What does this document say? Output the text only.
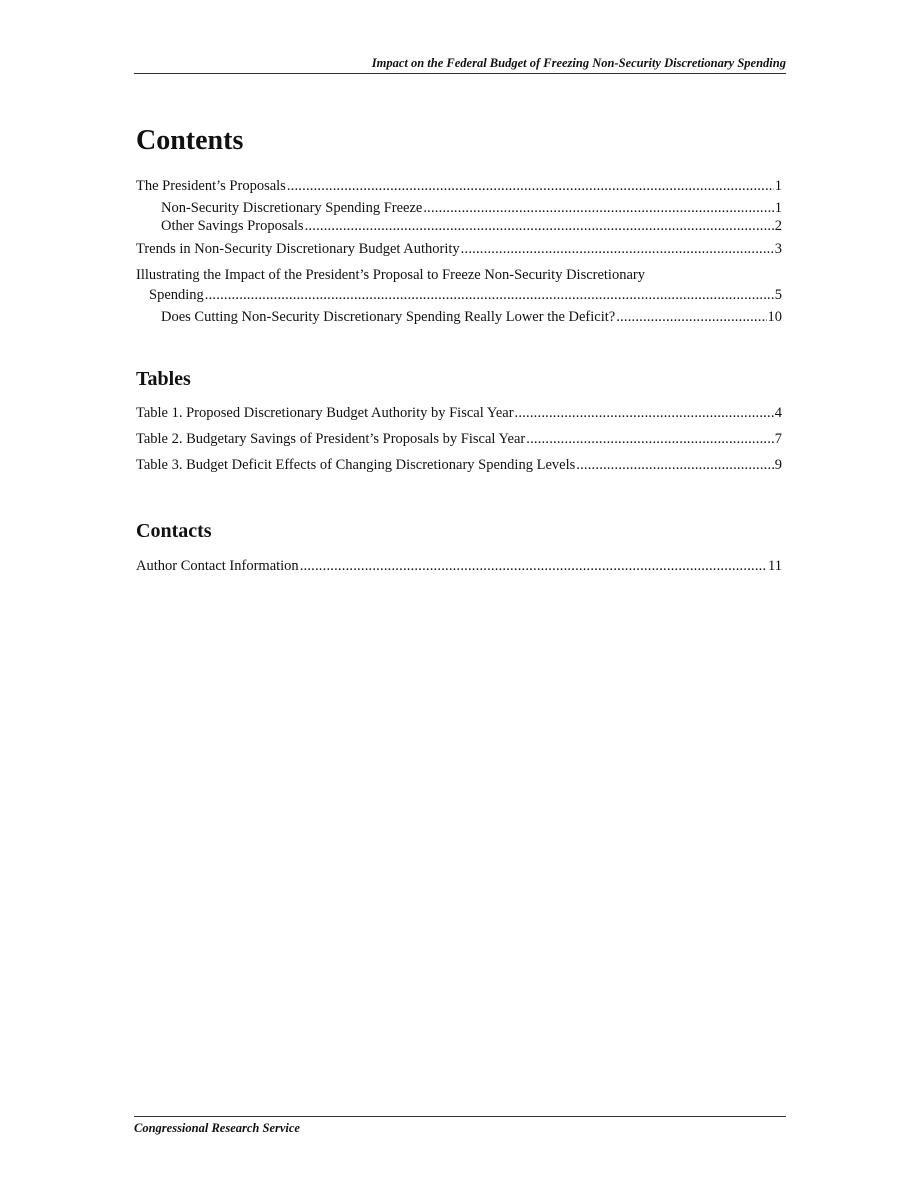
Impact on the Federal Budget of Freezing Non-Security Discretionary Spending
Contents
The President’s Proposals .....	1
Non-Security Discretionary Spending Freeze .....	1
Other Savings Proposals .....	2
Trends in Non-Security Discretionary Budget Authority .....	3
Illustrating the Impact of the President’s Proposal to Freeze Non-Security Discretionary
Spending .....	5
Does Cutting Non-Security Discretionary Spending Really Lower the Deficit? .....	10
Tables
Table 1. Proposed Discretionary Budget Authority by Fiscal Year .....	4
Table 2. Budgetary Savings of President’s Proposals by Fiscal Year .....	7
Table 3. Budget Deficit Effects of Changing Discretionary Spending Levels .....	9
Contacts
Author Contact Information .....	11
Congressional Research Service
